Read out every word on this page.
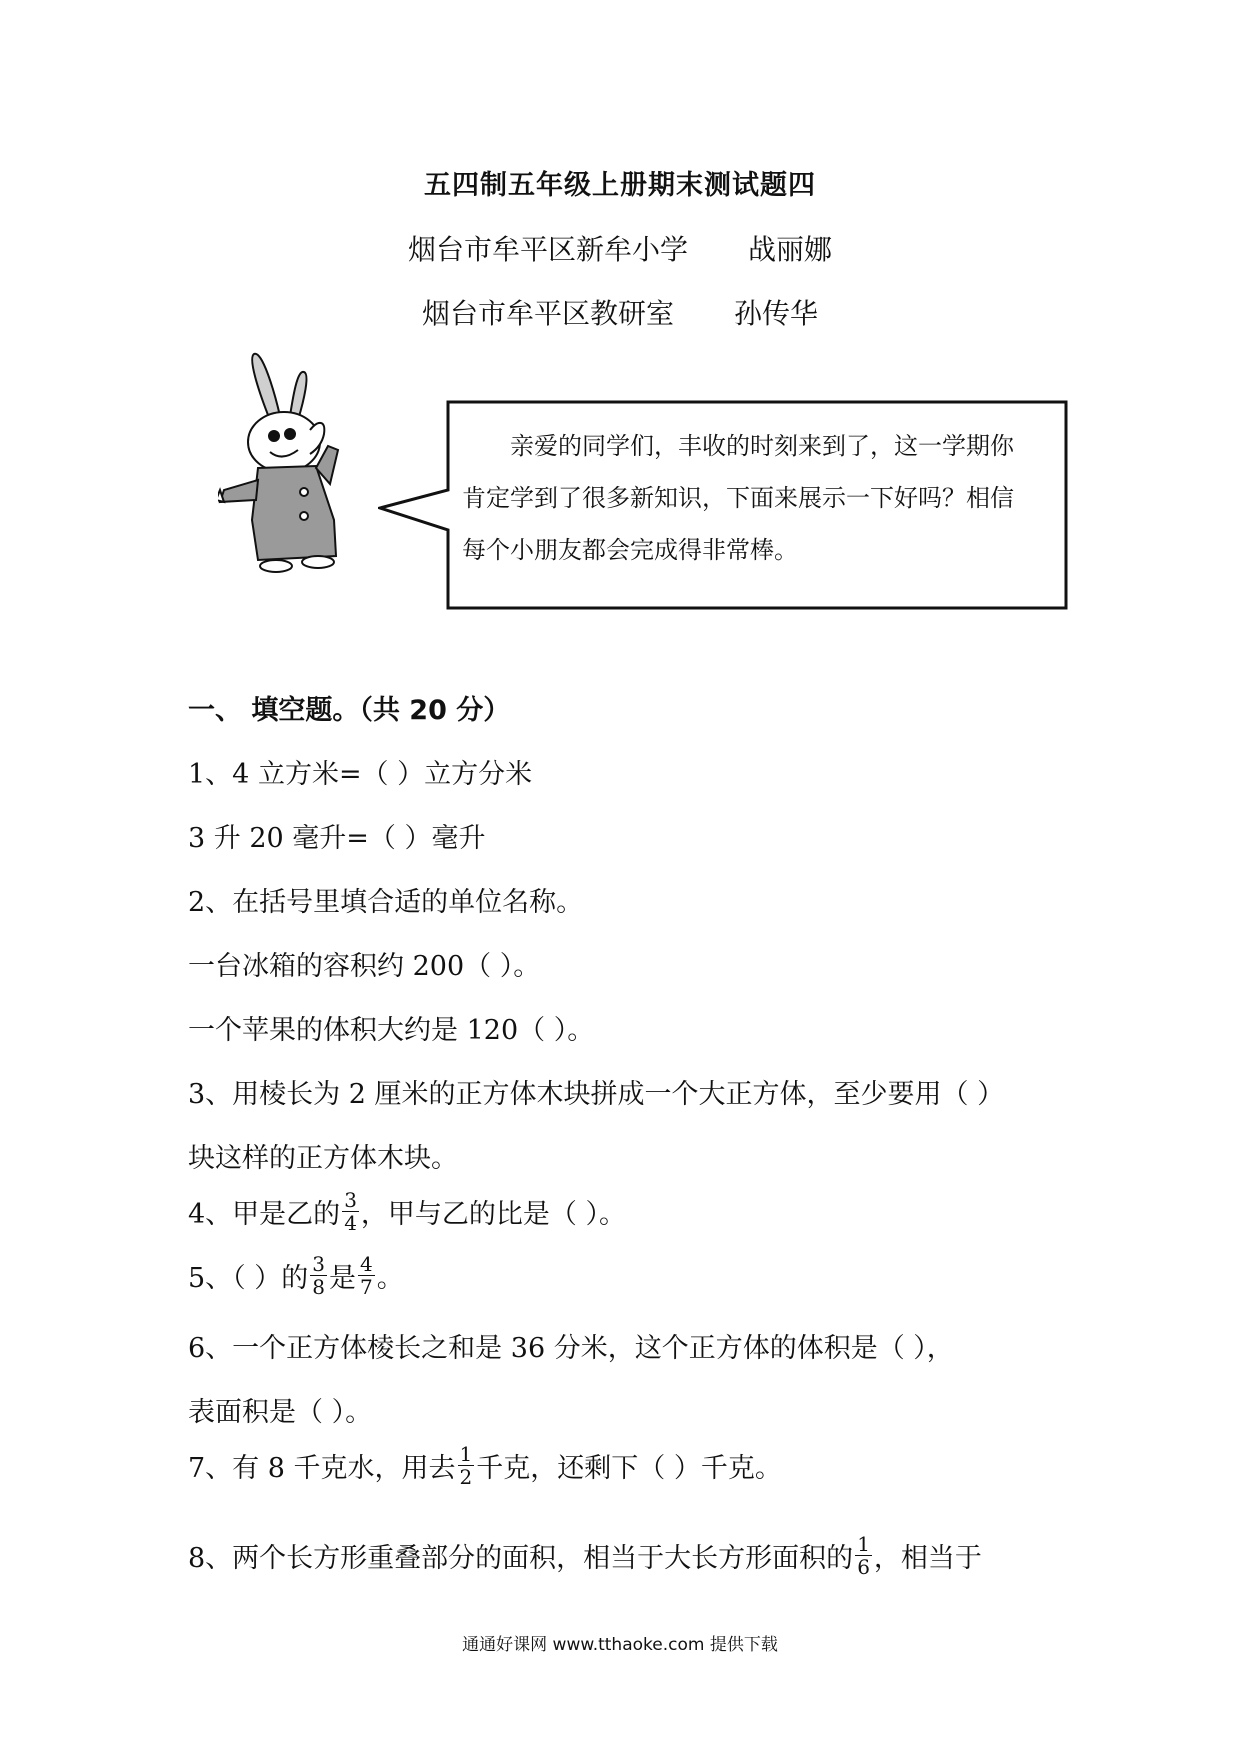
五四制五年级上册期末测试题四
烟台市牟平区新牟小学 战丽娜
烟台市牟平区教研室 孙传华
亲爱的同学们，丰收的时刻来到了，这一学期你
肯定学到了很多新知识，下面来展示一下好吗？相信
每个小朋友都会完成得非常棒。
一、 填空题。（共 20 分）
1、4 立方米=（ ）立方分米
3 升 20 毫升=（ ）毫升
2、在括号里填合适的单位名称。
一台冰箱的容积约 200（ ）。
一个苹果的体积大约是 120（ ）。
3、用棱长为 2 厘米的正方体木块拼成一个大正方体，至少要用（ ）
块这样的正方体木块。
4、甲是乙的 $\frac{3}{4}$ ，甲与乙的比是（ ）。
5、（ ）的 $\frac{3}{8}$ 是 $\frac{4}{7}$ 。
6、一个正方体棱长之和是 36 分米，这个正方体的体积是（ ），
表面积是（ ）。
7、有 8 千克水，用去 $\frac{1}{2}$ 千克，还剩下（ ）千克。
8、两个长方形重叠部分的面积，相当于大长方形面积的 $\frac{1}{6}$ ，相当于
通通好课网 www.tthaoke.com 提供下载
